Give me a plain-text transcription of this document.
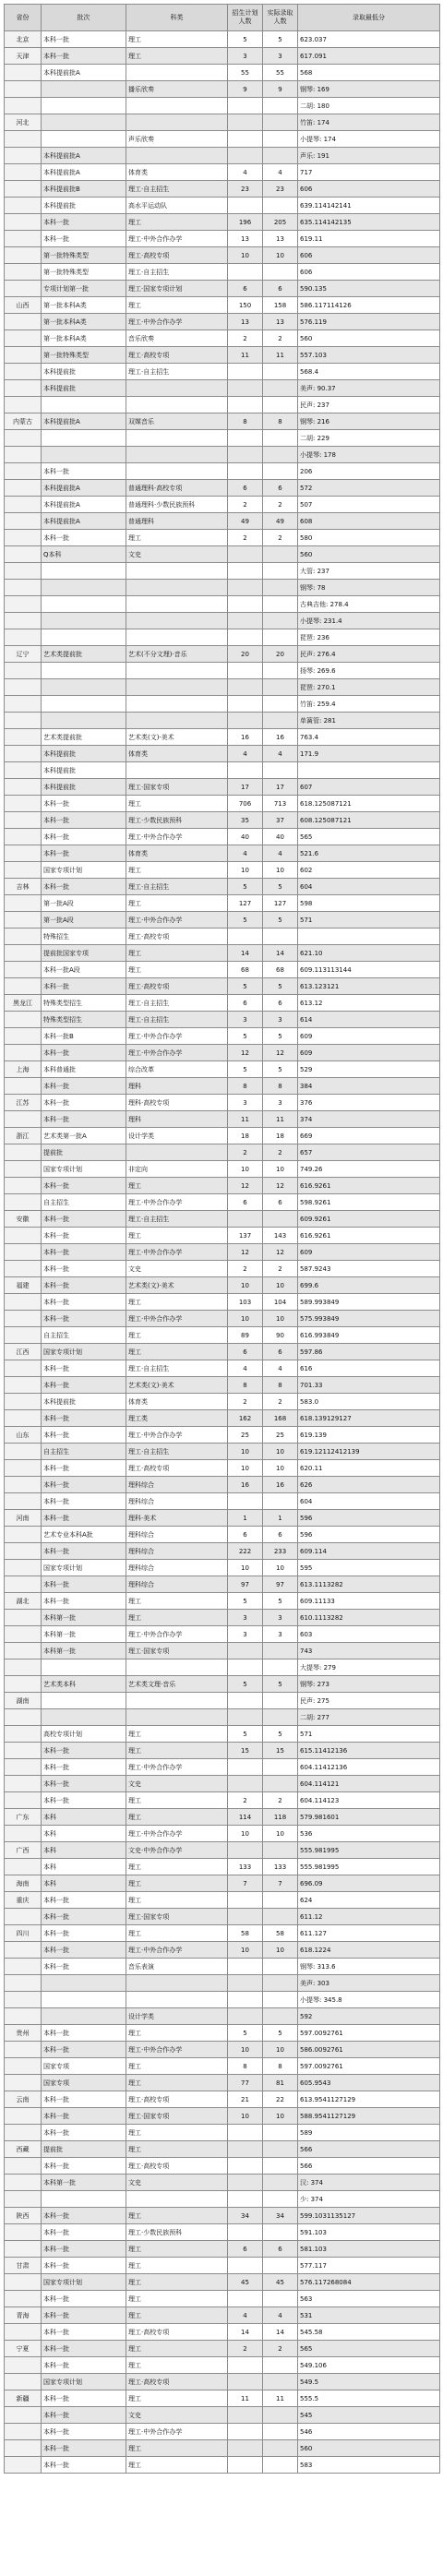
省份	批次	科类	招生计划人数	实际录取人数	录取最低分
北京	本科一批	理工	5	5	623.037
天津	本科一批	理工	3	3	617.091
	本科提前批A		55	55	568
		播乐欣奏	9	9	钢琴: 169
					二胡: 180
河北					竹笛: 174
		声乐欣奏			小提琴: 174
	本科提前批A				声乐: 191
	本科提前批A	体育类	4	4	717
	本科提前批B	理工·自主招生	23	23	606
	本科提前批	高水平运动队			639.114142141
	本科一批	理工	196	205	635.114142135
	本科一批	理工·中外合作办学	13	13	619.11
	第一批特殊类型	理工·高校专项	10	10	606
	第一批特殊类型	理工·自主招生			606
	专项计划第一批	理工·国家专项计划	6	6	590.135
山西	第一批本科A类	理工	150	158	586.117114126
	第一批本科A类	理工·中外合作办学	13	13	576.119
	第一批本科A类	音乐欣奏	2	2	560
	第一批特殊类型	理工·高校专项	11	11	557.103
	本科提前批	理工·自主招生			568.4
	本科提前批				美声: 90.37
					民声: 237
内蒙古	本科提前批A	双媒音乐	8	8	钢琴: 216
					二胡: 229
					小提琴: 178
	本科一批				206
	本科提前批A	普通理科·高校专项	6	6	572
	本科提前批A	普通理科·少数民族预科	2	2	507
	本科提前批A	普通理科	49	49	608
	本科一批	理工	2	2	580
	Q本科	文史			560
					大管: 237
					钢琴: 78
					古典吉他: 278.4
					小提琴: 231.4
					琵琶: 236
辽宁	艺术类提前批	艺术(不分文理)·音乐	20	20	民声: 276.4
					扬琴: 269.6
					琵琶: 270.1
					竹笛: 259.4
					单簧管: 281
	艺术类提前批	艺术类(文)·美术	16	16	763.4
	本科提前批	体育类	4	4	171.9
	本科提前批				
	本科提前批	理工·国家专项	17	17	607
	本科一批	理工	706	713	618.125087121
	本科一批	理工·少数民族预科	35	37	608.125087121
	本科一批	理工·中外合作办学	40	40	565
	本科一批	体育类	4	4	521.6
	国家专项计划	理工	10	10	602
吉林	本科一批	理工·自主招生	5	5	604
	第一批A段	理工	127	127	598
	第一批A段	理工·中外合作办学	5	5	571
	特殊招生	理工·高校专项			
	提前批国家专项	理工	14	14	621.10
	本科一批A段	理工	68	68	609.113113144
	本科一批	理工·高校专项	5	5	613.123121
黑龙江	特殊类型招生	理工·自主招生	6	6	613.12
	特殊类型招生	理工·自主招生	3	3	614
	本科一批B	理工·中外合作办学	5	5	609
	本科一批	理工·中外合作办学	12	12	609
上海	本科普通批	综合改革	5	5	529
	本科一批	理科	8	8	384
江苏	本科一批	理科·高校专项	3	3	376
	本科一批	理科	11	11	374
浙江	艺术类第一批A	设计学类	18	18	669
	提前批		2	2	657
	国家专项计划	非定向	10	10	749.26
	本科一批	理工	12	12	616.9261
	自主招生	理工·中外合作办学	6	6	598.9261
安徽	本科一批	理工·自主招生			609.9261
	本科一批	理工	137	143	616.9261
	本科一批	理工·中外合作办学	12	12	609
	本科一批	文史	2	2	587.9243
福建	本科一批	艺术类(文)·美术	10	10	699.6
	本科一批	理工	103	104	589.993849
	本科一批	理工·中外合作办学	10	10	575.993849
	自主招生	理工	89	90	616.993849
江西	国家专项计划	理工	6	6	597.86
	本科一批	理工·自主招生	4	4	616
	本科一批	艺术类(文)·美术	8	8	701.33
	本科提前批	体育类	2	2	583.0
	本科一批	理工类	162	168	618.139129127
山东	本科一批	理工·中外合作办学	25	25	619.139
	自主招生	理工·自主招生	10	10	619.12112412139
	本科一批	理工·高校专项	10	10	620.11
	本科一批	理科综合	16	16	626
	本科一批	理科综合			604
河南	本科一批	理科·美术	1	1	596
	艺术专业本科A批	理科综合	6	6	596
	本科一批	理科综合	222	233	609.114
	国家专项计划	理科综合	10	10	595
	本科一批	理科综合	97	97	613.1113282
湖北	本科一批	理工	5	5	609.11133
	本科第一批	理工	3	3	610.1113282
	本科第一批	理工·中外合作办学	3	3	603
	本科第一批	理工·国家专项			743
					大提琴: 279
	艺术类本科	艺术类文理·音乐	5	5	钢琴: 273
湖南					民声: 275
					二胡: 277
	高校专项计划	理工	5	5	571
	本科一批	理工	15	15	615.11412136
	本科一批	理工·中外合作办学			604.11412136
	本科一批	文史			604.114121
	本科一批	理工	2	2	604.114123
广东	本科	理工	114	118	579.981601
	本科	理工·中外合作办学	10	10	536
广西	本科	文史·中外合作办学			555.981995
	本科	理工	133	133	555.981995
海南	本科	理工	7	7	696.09
重庆	本科一批	理工			624
	本科一批	理工·国家专项			611.12
四川	本科一批	理工	58	58	611.127
	本科一批	理工·中外合作办学	10	10	618.1224
	本科一批	音乐表演			钢琴: 313.6
					美声: 303
					小提琴: 345.8
		设计学类			592
贵州	本科一批	理工	5	5	597.0092761
	本科一批	理工·中外合作办学	10	10	586.0092761
	国家专项	理工	8	8	597.0092761
	国家专项	理工	77	81	605.9543
云南	本科一批	理工·高校专项	21	22	613.9541127129
	本科一批	理工·国家专项	10	10	588.9541127129
	本科一批	理工			589
西藏	提前批	理工			566
	本科一批	理工·高校专项			566
	本科第一批	文史			汉: 374
					少: 374
陕西	本科一批	理工	34	34	599.1031135127
	本科一批	理工·少数民族预科			591.103
	本科一批	理工	6	6	581.103
甘肃	本科一批	理工			577.117
	国家专项计划	理工	45	45	576.117268084
	本科一批	理工			563
青海	本科一批	理工	4	4	531
	本科一批	理工·高校专项	14	14	545.58
宁夏	本科一批	理工	2	2	565
	本科一批	理工			549.106
	国家专项计划	理工·高校专项			549.5
新疆	本科一批	理工	11	11	555.5
	本科一批	文史			545
	本科一批	理工·中外合作办学			546
	本科一批	理工			560
	本科一批	理工			583
